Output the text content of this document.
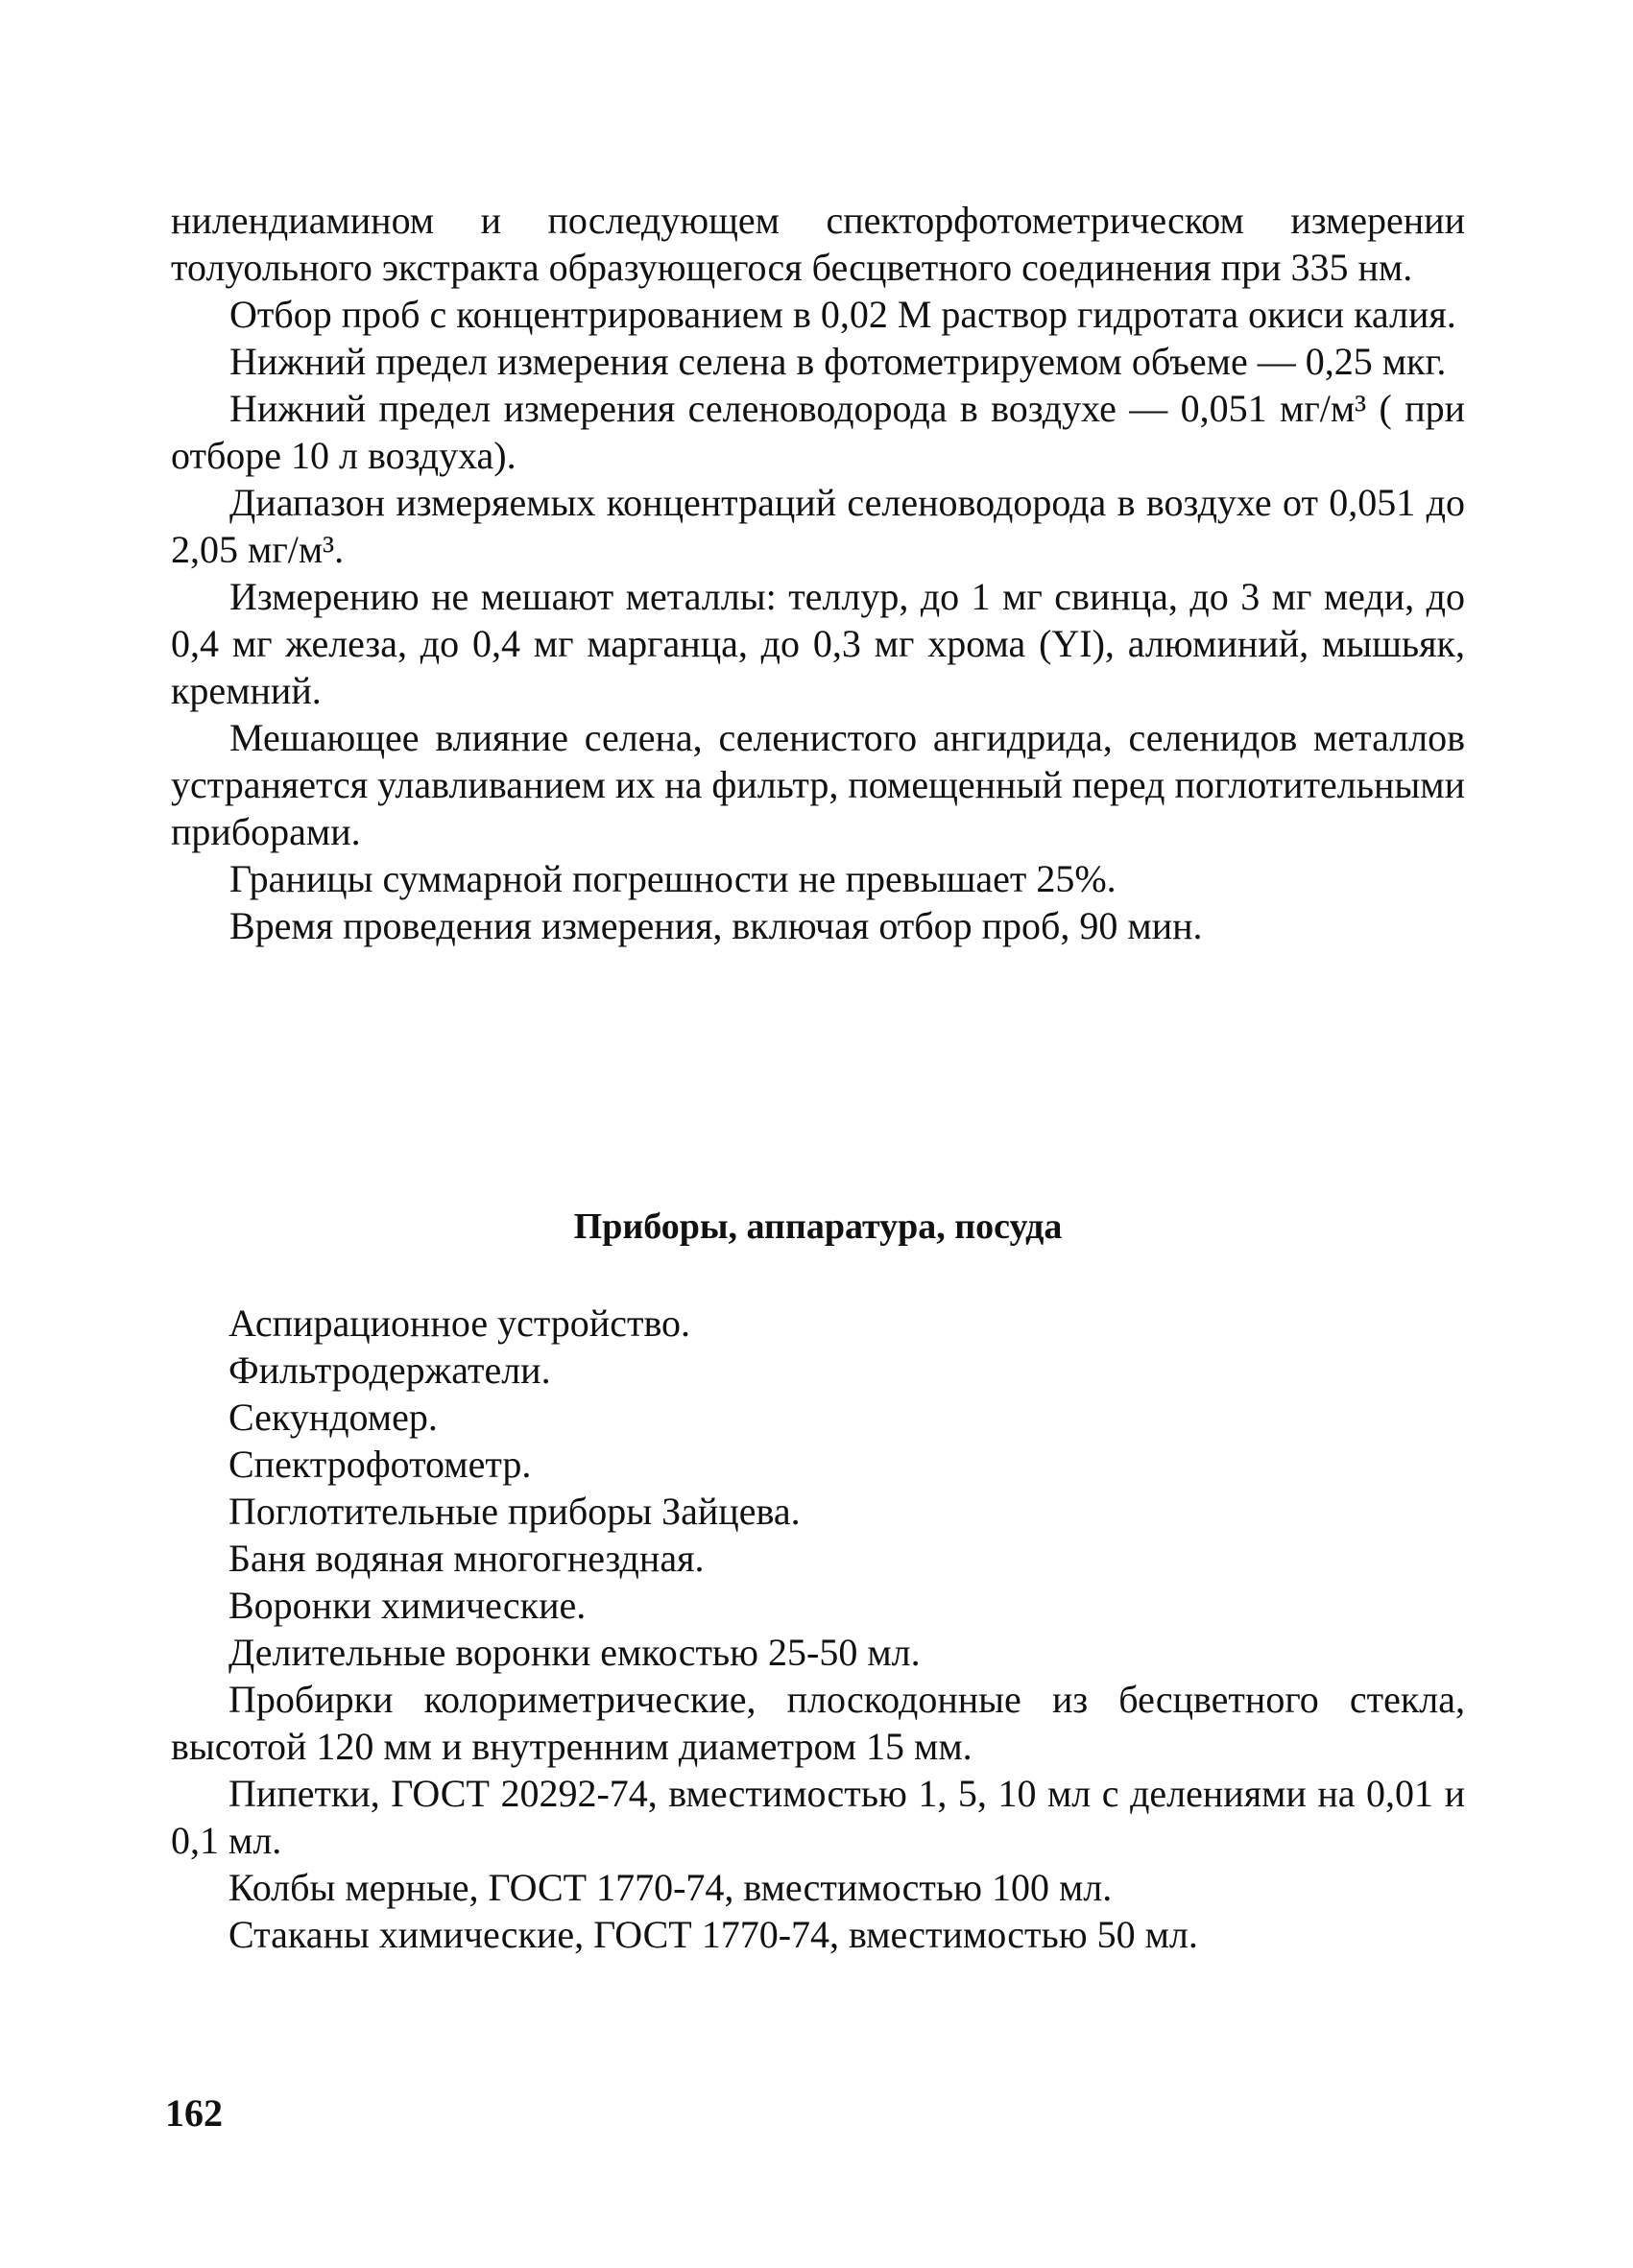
нилендиамином и последующем спекторфотометрическом измерении толуольного экстракта образующегося бесцветного соединения при 335 нм.

Отбор проб с концентрированием в 0,02 М раствор гидротата окиси калия.

Нижний предел измерения селена в фотометрируемом объеме — 0,25 мкг.

Нижний предел измерения селеноводорода в воздухе — 0,051 мг/м³ ( при отборе 10 л воздуха).

Диапазон измеряемых концентраций селеноводорода в воздухе от 0,051 до 2,05 мг/м³.

Измерению не мешают металлы: теллур, до 1 мг свинца, до 3 мг меди, до 0,4 мг железа, до 0,4 мг марганца, до 0,3 мг хрома (YI), алюминий, мышьяк, кремний.

Мешающее влияние селена, селенистого ангидрида, селенидов металлов устраняется улавливанием их на фильтр, помещенный перед поглотительными приборами.

Границы суммарной погрешности не превышает 25%.

Время проведения измерения, включая отбор проб, 90 мин.

Приборы, аппаратура, посуда

Аспирационное устройство.

Фильтродержатели.

Секундомер.

Спектрофотометр.

Поглотительные приборы Зайцева.

Баня водяная многогнездная.

Воронки химические.

Делительные воронки емкостью 25-50 мл.

Пробирки колориметрические, плоскодонные из бесцветного стекла, высотой 120 мм и внутренним диаметром 15 мм.

Пипетки, ГОСТ 20292-74, вместимостью 1, 5, 10 мл с делениями на 0,01 и 0,1 мл.

Колбы мерные, ГОСТ 1770-74, вместимостью 100 мл.

Стаканы химические, ГОСТ 1770-74, вместимостью 50 мл.

162
